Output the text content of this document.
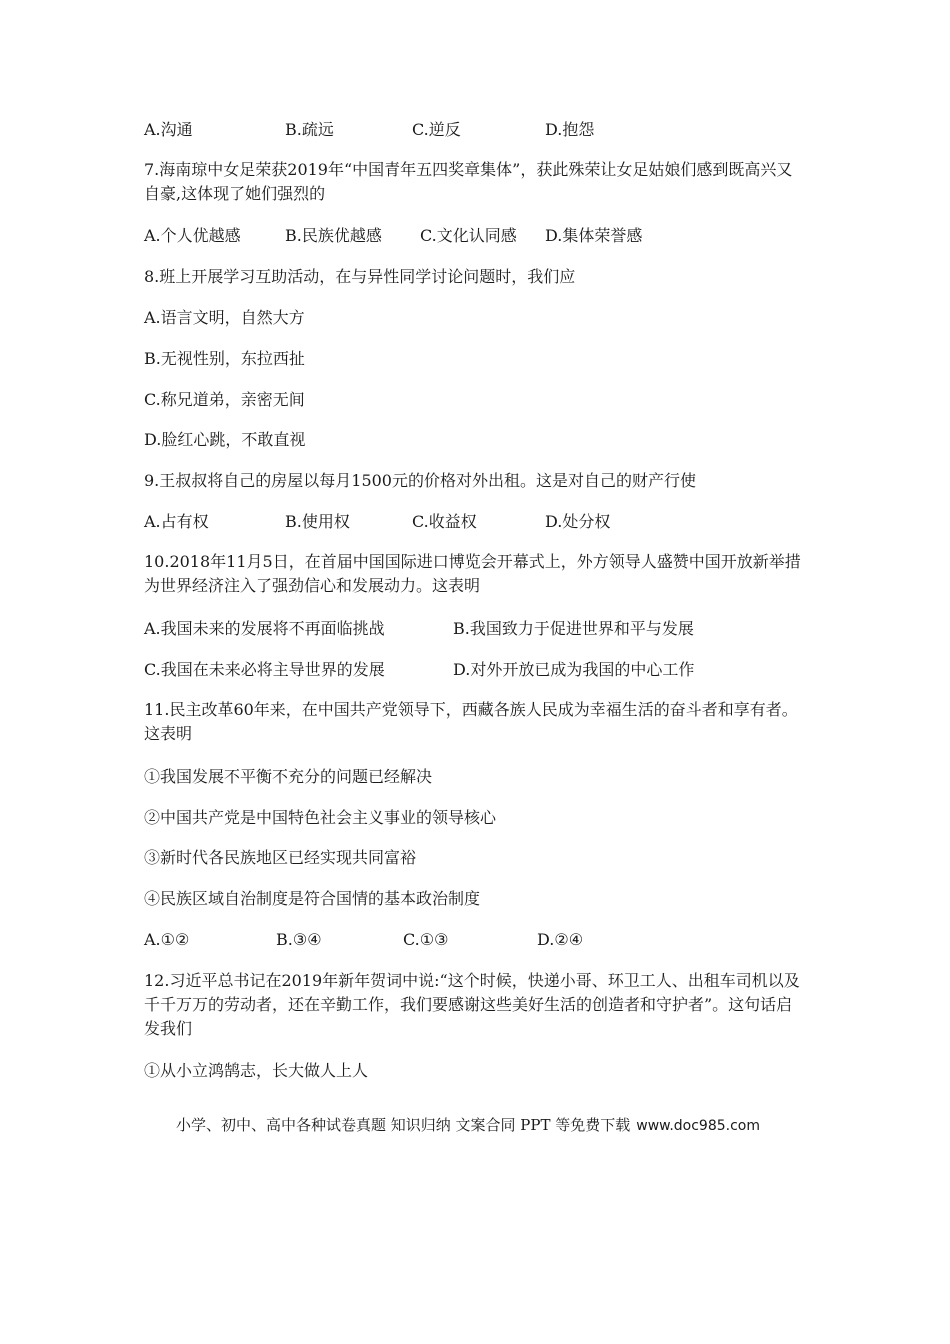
A.沟通	B.疏远	C.逆反	D.抱怨
7.海南琼中女足荣获2019年“中国青年五四奖章集体”，获此殊荣让女足姑娘们感到既高兴又自豪,这体现了她们强烈的
A.个人优越感	B.民族优越感 C.文化认同感 D.集体荣誉感
8.班上开展学习互助活动，在与异性同学讨论问题时，我们应
A.语言文明，自然大方
B.无视性别，东拉西扯
C.称兄道弟，亲密无间
D.脸红心跳，不敢直视
9.王叔叔将自己的房屋以每月1500元的价格对外出租。这是对自己的财产行使
A.占有权	B.使用权	C.收益权	D.处分权
10.2018年11月5日，在首届中国国际进口博览会开幕式上，外方领导人盛赞中国开放新举措为世界经济注入了强劲信心和发展动力。这表明
A.我国未来的发展将不再面临挑战	B.我国致力于促进世界和平与发展
C.我国在未来必将主导世界的发展	D.对外开放已成为我国的中心工作
11.民主改革60年来，在中国共产党领导下，西藏各族人民成为幸福生活的奋斗者和享有者。这表明
①我国发展不平衡不充分的问题已经解决
②中国共产党是中国特色社会主义事业的领导核心
③新时代各民族地区已经实现共同富裕
④民族区域自治制度是符合国情的基本政治制度
A.①②	B.③④	C.①③	D.②④
12.习近平总书记在2019年新年贺词中说:“这个时候，快递小哥、环卫工人、出租车司机以及千千万万的劳动者，还在辛勤工作，我们要感谢这些美好生活的创造者和守护者”。这句话启发我们
①从小立鸿鹄志，长大做人上人
小学、初中、高中各种试卷真题 知识归纳 文案合同 PPT 等免费下载 www.doc985.com
